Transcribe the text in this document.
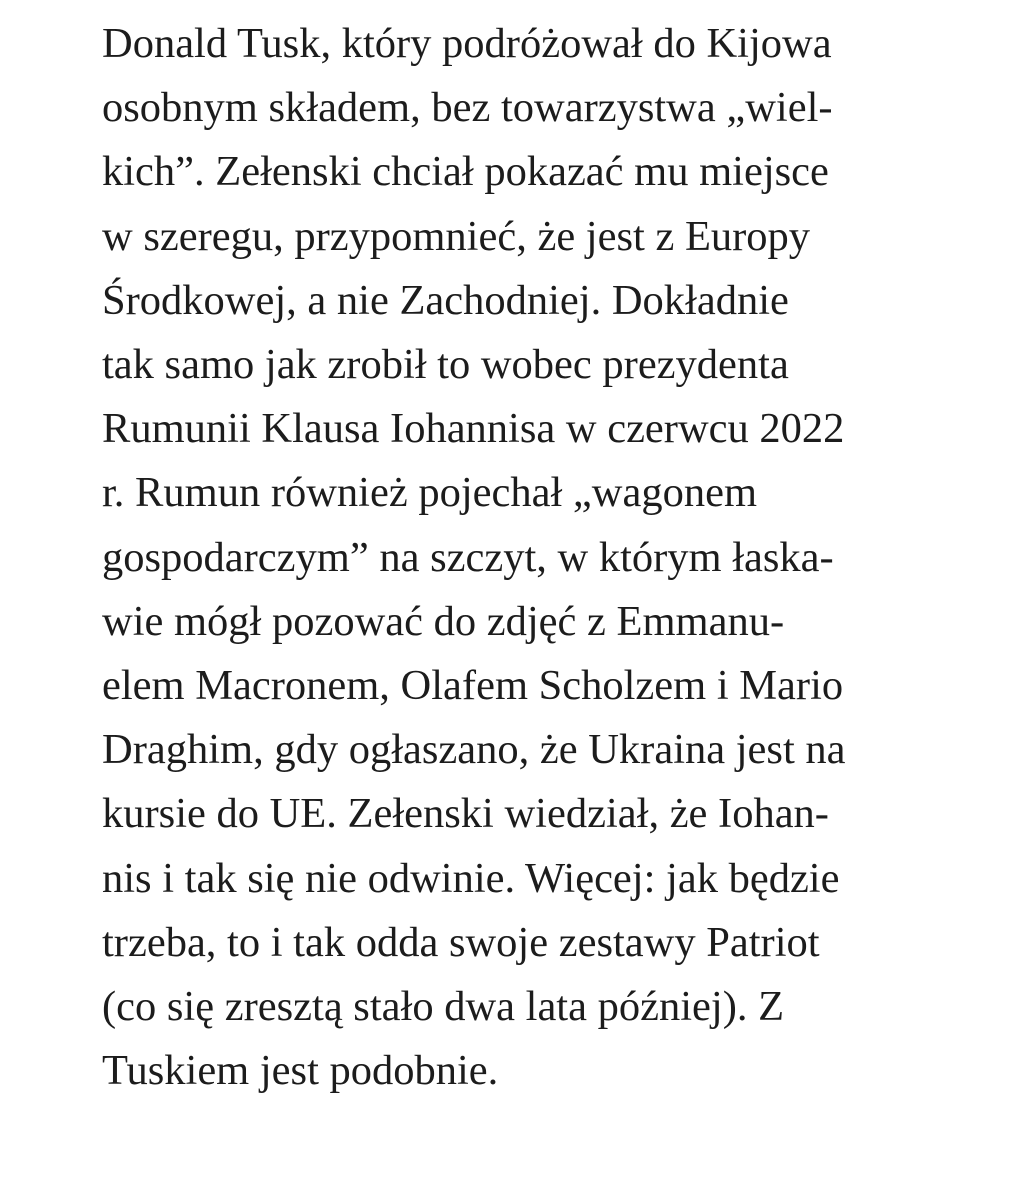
Donald Tusk, który podróżował do Kijowa
osobnym składem, bez towarzystwa „wiel-
kich”. Zełenski chciał pokazać mu miejsce
w szeregu, przypomnieć, że jest z Europy
Środkowej, a nie Zachodniej. Dokładnie
tak samo jak zrobił to wobec prezydenta
Rumunii Klausa Iohannisa w czerwcu 2022
r. Rumun również pojechał „wagonem
gospodarczym” na szczyt, w którym łaska-
wie mógł pozować do zdjęć z Emmanu-
elem Macronem, Olafem Scholzem i Mario
Draghim, gdy ogłaszano, że Ukraina jest na
kursie do UE. Zełenski wiedział, że Iohan-
nis i tak się nie odwinie. Więcej: jak będzie
trzeba, to i tak odda swoje zestawy Patriot
(co się zresztą stało dwa lata później). Z
Tuskiem jest podobnie.
